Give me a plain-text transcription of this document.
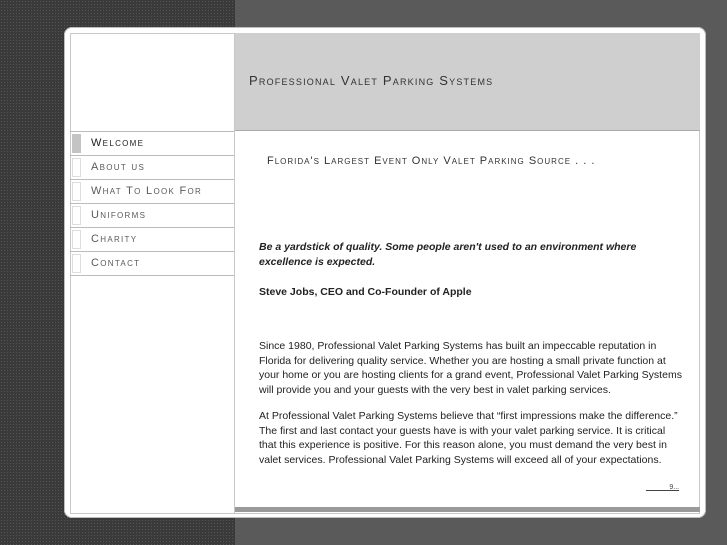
Professional Valet Parking Systems
Welcome
About us
What To Look For
Uniforms
Charity
Contact
Florida's Largest Event Only Valet Parking Source . . .
Be a yardstick of quality. Some people aren't used to an environment where excellence is expected.
Steve Jobs, CEO and Co-Founder of Apple
Since 1980, Professional Valet Parking Systems has built an impeccable reputation in Florida for delivering quality service. Whether you are hosting a small private function at your home or you are hosting clients for a grand event, Professional Valet Parking Systems will provide you and your guests with the very best in valet parking services.
At Professional Valet Parking Systems believe that “first impressions make the difference.” The first and last contact your guests have is with your valet parking service. It is critical that this experience is positive. For this reason alone, you must demand the very best in valet services. Professional Valet Parking Systems will exceed all of your expectations.
______9...
